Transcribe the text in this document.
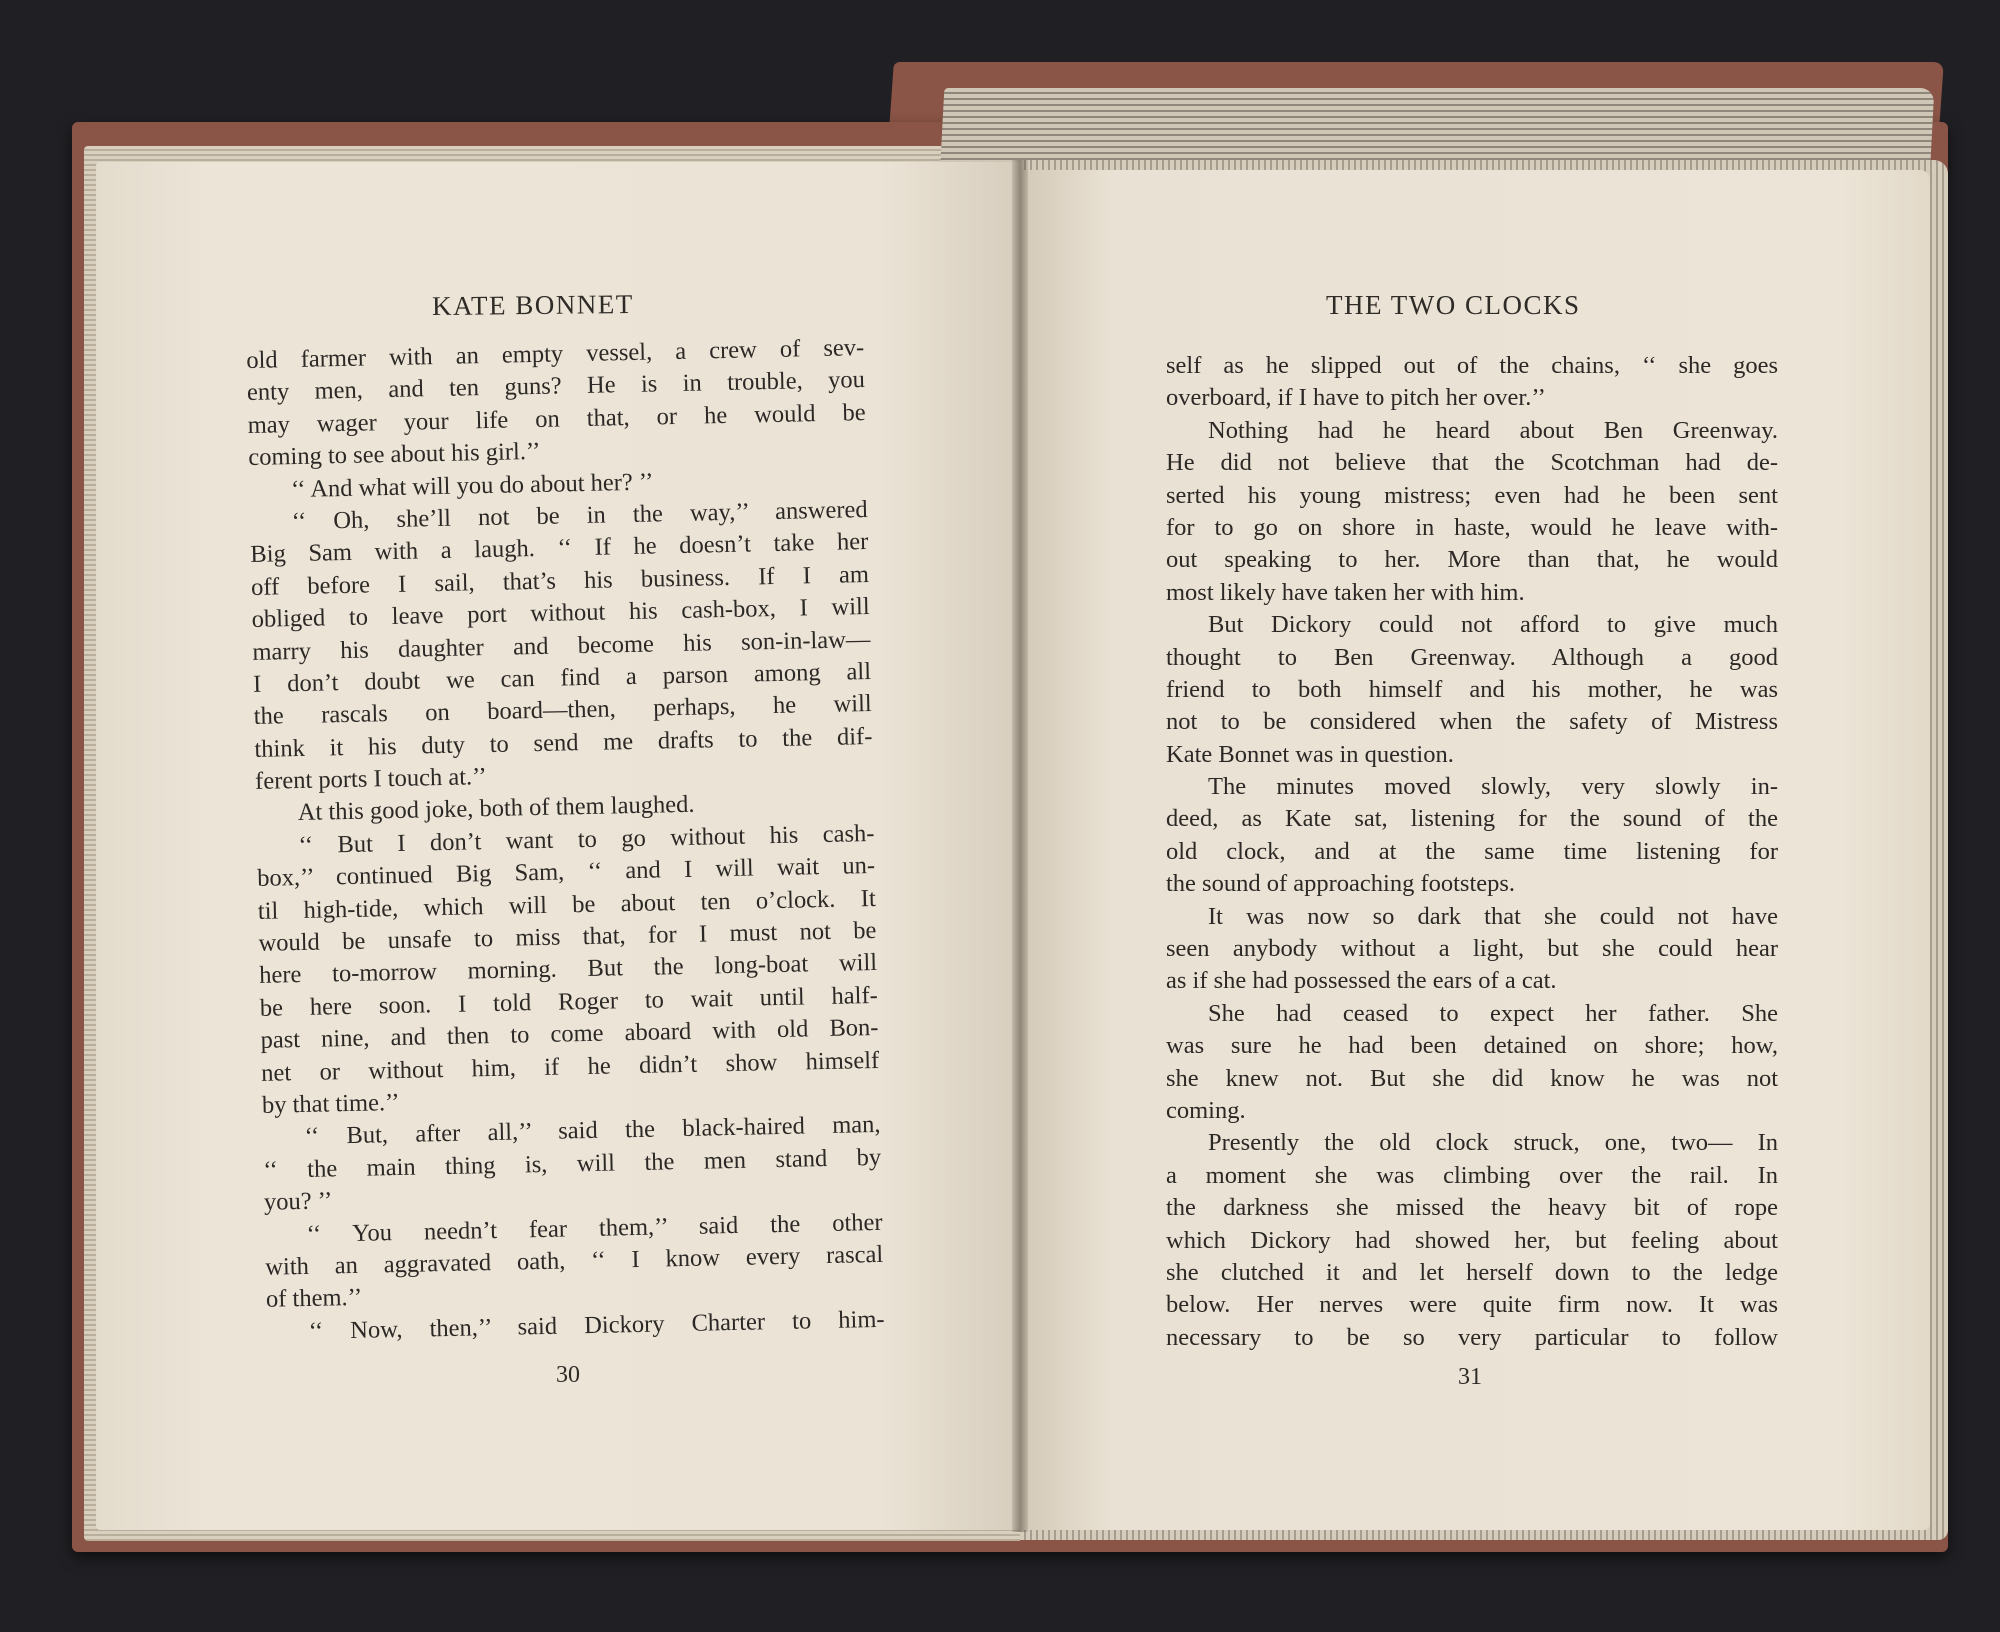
KATE BONNET	THE TWO CLOCKS
old farmer with an empty vessel, a crew of sev-
enty men, and ten guns? He is in trouble, you
may wager your life on that, or he would be
coming to see about his girl.’’
‘‘ And what will you do about her? ’’
‘‘ Oh, she’ll not be in the way,’’ answered
Big Sam with a laugh. ‘‘ If he doesn’t take her
off before I sail, that’s his business. If I am
obliged to leave port without his cash-box, I will
marry his daughter and become his son-in-law—
I don’t doubt we can find a parson among all
the rascals on board—then, perhaps, he will
think it his duty to send me drafts to the dif-
ferent ports I touch at.’’
At this good joke, both of them laughed.
‘‘ But I don’t want to go without his cash-
box,’’ continued Big Sam, ‘‘ and I will wait un-
til high-tide, which will be about ten o’clock. It
would be unsafe to miss that, for I must not be
here to-morrow morning. But the long-boat will
be here soon. I told Roger to wait until half-
past nine, and then to come aboard with old Bon-
net or without him, if he didn’t show himself
by that time.’’
‘‘ But, after all,’’ said the black-haired man,
‘‘ the main thing is, will the men stand by
you? ’’
‘‘ You needn’t fear them,’’ said the other
with an aggravated oath, ‘‘ I know every rascal
of them.’’
‘‘ Now, then,’’ said Dickory Charter to him-
self as he slipped out of the chains, ‘‘ she goes
overboard, if I have to pitch her over.’’
Nothing had he heard about Ben Greenway.
He did not believe that the Scotchman had de-
serted his young mistress; even had he been sent
for to go on shore in haste, would he leave with-
out speaking to her. More than that, he would
most likely have taken her with him.
But Dickory could not afford to give much
thought to Ben Greenway. Although a good
friend to both himself and his mother, he was
not to be considered when the safety of Mistress
Kate Bonnet was in question.
The minutes moved slowly, very slowly in-
deed, as Kate sat, listening for the sound of the
old clock, and at the same time listening for
the sound of approaching footsteps.
It was now so dark that she could not have
seen anybody without a light, but she could hear
as if she had possessed the ears of a cat.
She had ceased to expect her father. She
was sure he had been detained on shore; how,
she knew not. But she did know he was not
coming.
Presently the old clock struck, one, two— In
a moment she was climbing over the rail. In
the darkness she missed the heavy bit of rope
which Dickory had showed her, but feeling about
she clutched it and let herself down to the ledge
below. Her nerves were quite firm now. It was
necessary to be so very particular to follow
30	31
